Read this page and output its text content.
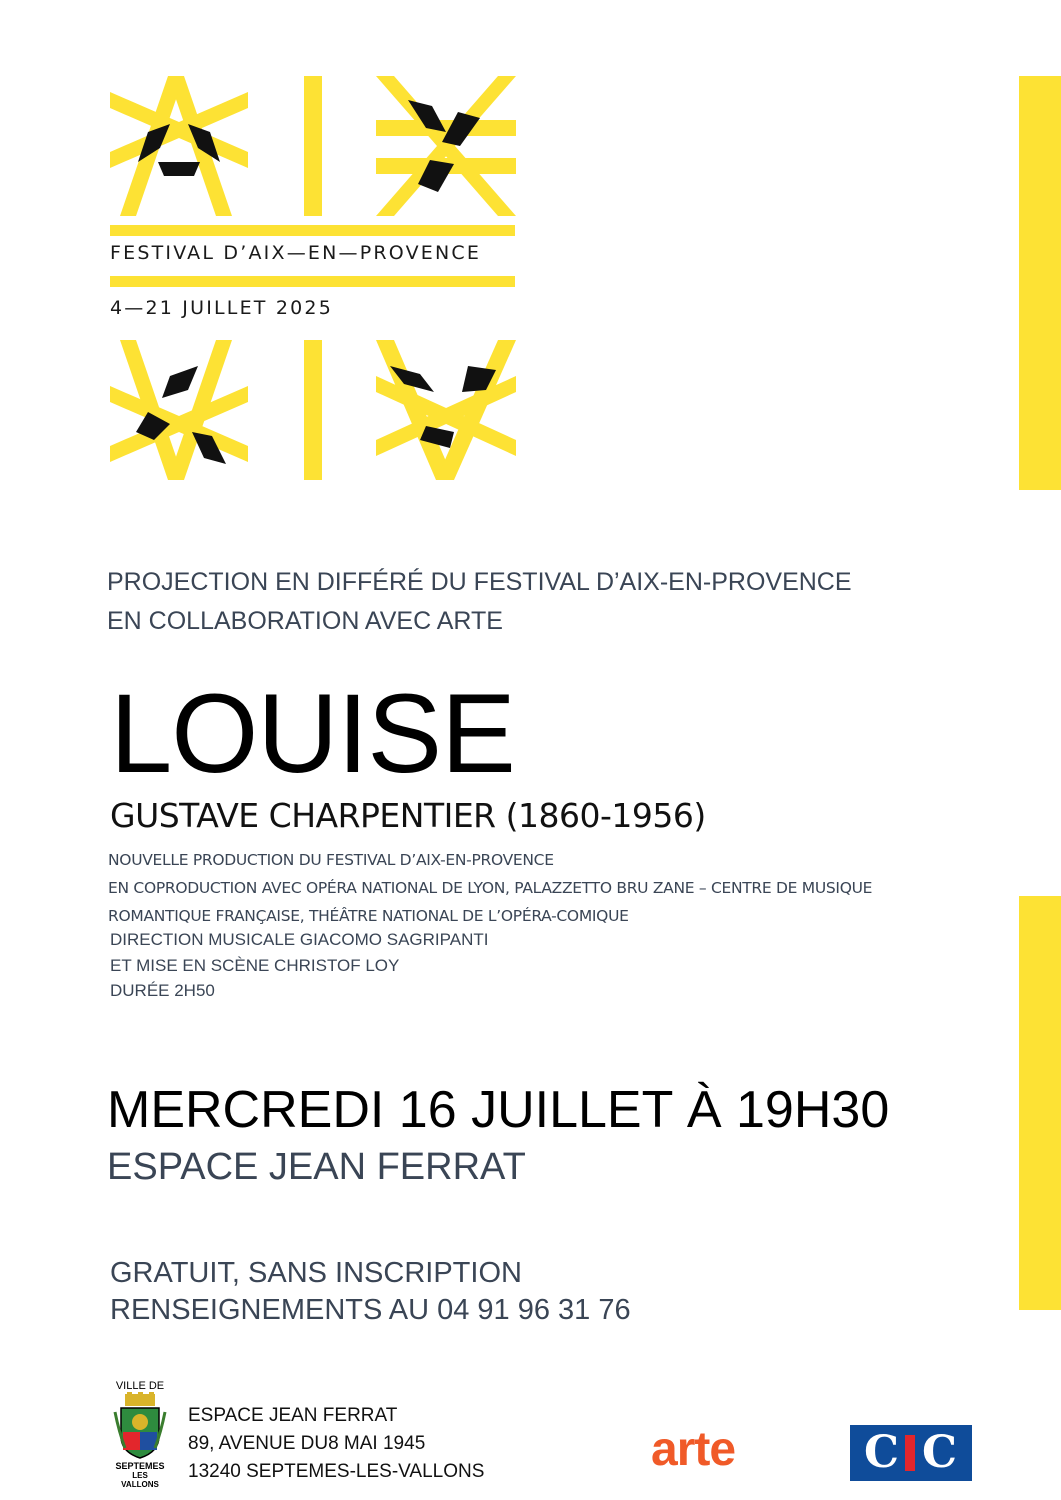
FESTIVAL D’AIX—EN—PROVENCE
4—21 JUILLET 2025
PROJECTION EN DIFFÉRÉ DU FESTIVAL D’AIX-EN-PROVENCE
EN COLLABORATION AVEC ARTE
LOUISE
GUSTAVE CHARPENTIER (1860-1956)
NOUVELLE PRODUCTION DU FESTIVAL D’AIX-EN-PROVENCE
EN COPRODUCTION AVEC OPÉRA NATIONAL DE LYON, PALAZZETTO BRU ZANE – CENTRE DE MUSIQUE
ROMANTIQUE FRANÇAISE, THÉÂTRE NATIONAL DE L’OPÉRA-COMIQUE
DIRECTION MUSICALE GIACOMO SAGRIPANTI
ET MISE EN SCÈNE CHRISTOF LOY
DURÉE 2H50
MERCREDI 16 JUILLET À 19H30
ESPACE JEAN FERRAT
GRATUIT, SANS INSCRIPTION
RENSEIGNEMENTS AU 04 91 96 31 76
VILLE DE
SEPTEMES
LES VALLONS
ESPACE JEAN FERRAT
89, AVENUE DU8 MAI 1945
13240 SEPTEMES-LES-VALLONS	arte	C C
